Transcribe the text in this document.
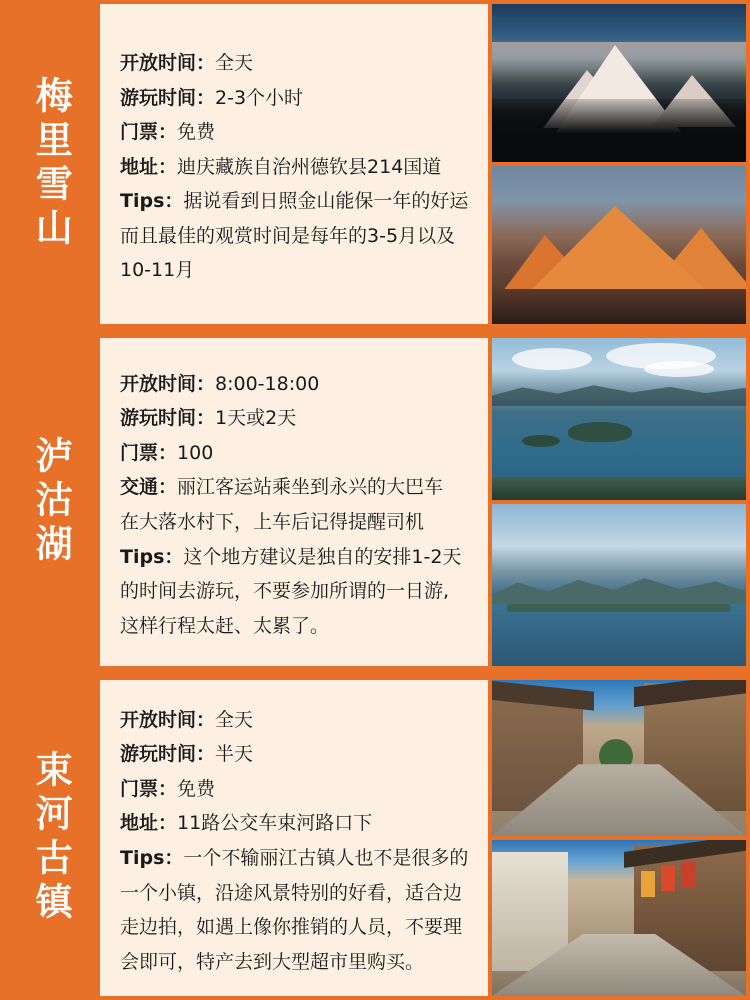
梅里雪山
开放时间：全天
游玩时间：2-3个小时
门票：免费
地址：迪庆藏族自治州德钦县214国道
Tips：据说看到日照金山能保一年的好运
而且最佳的观赏时间是每年的3-5月以及
10-11月
泸沽湖
开放时间：8:00-18:00
游玩时间：1天或2天
门票：100
交通：丽江客运站乘坐到永兴的大巴车
在大落水村下，上车后记得提醒司机
Tips：这个地方建议是独自的安排1-2天
的时间去游玩，不要参加所谓的一日游,
这样行程太赶、太累了。
束河古镇
开放时间：全天
游玩时间：半天
门票：免费
地址：11路公交车束河路口下
Tips：一个不输丽江古镇人也不是很多的
一个小镇，沿途风景特别的好看，适合边
走边拍，如遇上像你推销的人员，不要理
会即可，特产去到大型超市里购买。
